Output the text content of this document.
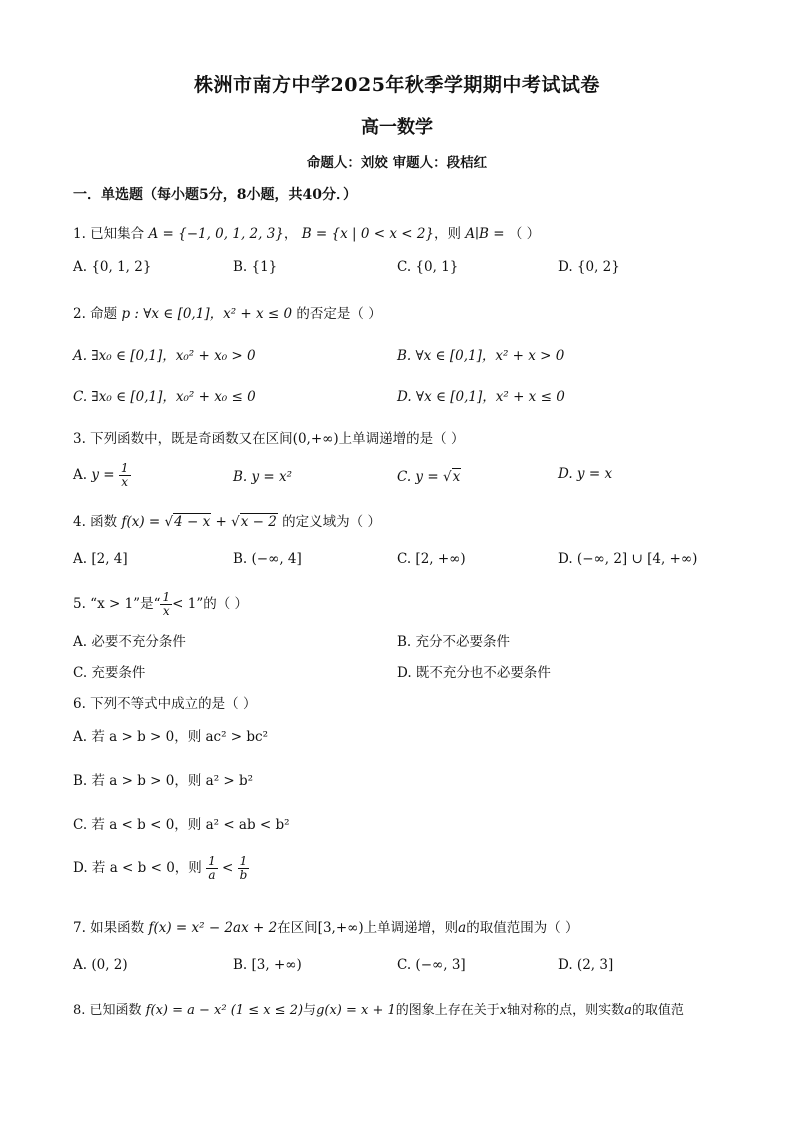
株洲市南方中学2025年秋季学期期中考试试卷
高一数学
命题人：刘姣 审题人：段桔红
一．单选题（每小题5分，8小题，共40分．）
1. 已知集合 A = {−1, 0, 1, 2, 3}， B = {x | 0 < x < 2}，则 A∣B = （ ）
A. {0, 1, 2}	B. {1}	C. {0, 1}	D. {0, 2}
2. 命题 p : ∀x ∈ [0,1]，x² + x ≤ 0 的否定是（ ）
A. ∃x₀ ∈ [0,1]，x₀² + x₀ > 0	B. ∀x ∈ [0,1]，x² + x > 0
C. ∃x₀ ∈ [0,1]，x₀² + x₀ ≤ 0	D. ∀x ∈ [0,1]，x² + x ≤ 0
3. 下列函数中，既是奇函数又在区间(0,+∞)上单调递增的是（ ）
A. $y = \frac{1}{x}$	B. y = x²	C. y = √x	D. y = x
4. 函数 f(x) = √4 − x + √x − 2 的定义域为（ ）
A. [2, 4]	B. (−∞, 4]	C. [2, +∞)	D. (−∞, 2] ∪ [4, +∞)
5. “x > 1”是“ $\frac{1}{x} < 1$”的（ ）
A. 必要不充分条件	B. 充分不必要条件
C. 充要条件	D. 既不充分也不必要条件
6. 下列不等式中成立的是（ ）
A. 若 a > b > 0，则 ac² > bc²
B. 若 a > b > 0，则 a² > b²
C. 若 a < b < 0，则 a² < ab < b²
D. 若 a < b < 0，则 $\frac{1}{a} < \frac{1}{b}$
7. 如果函数 f(x) = x² − 2ax + 2在区间[3,+∞)上单调递增，则a的取值范围为（ ）
A. (0, 2)	B. [3, +∞)	C. (−∞, 3]	D. (2, 3]
8. 已知函数 f(x) = a − x² (1 ≤ x ≤ 2)与g(x) = x + 1的图象上存在关于x轴对称的点，则实数a的取值范
